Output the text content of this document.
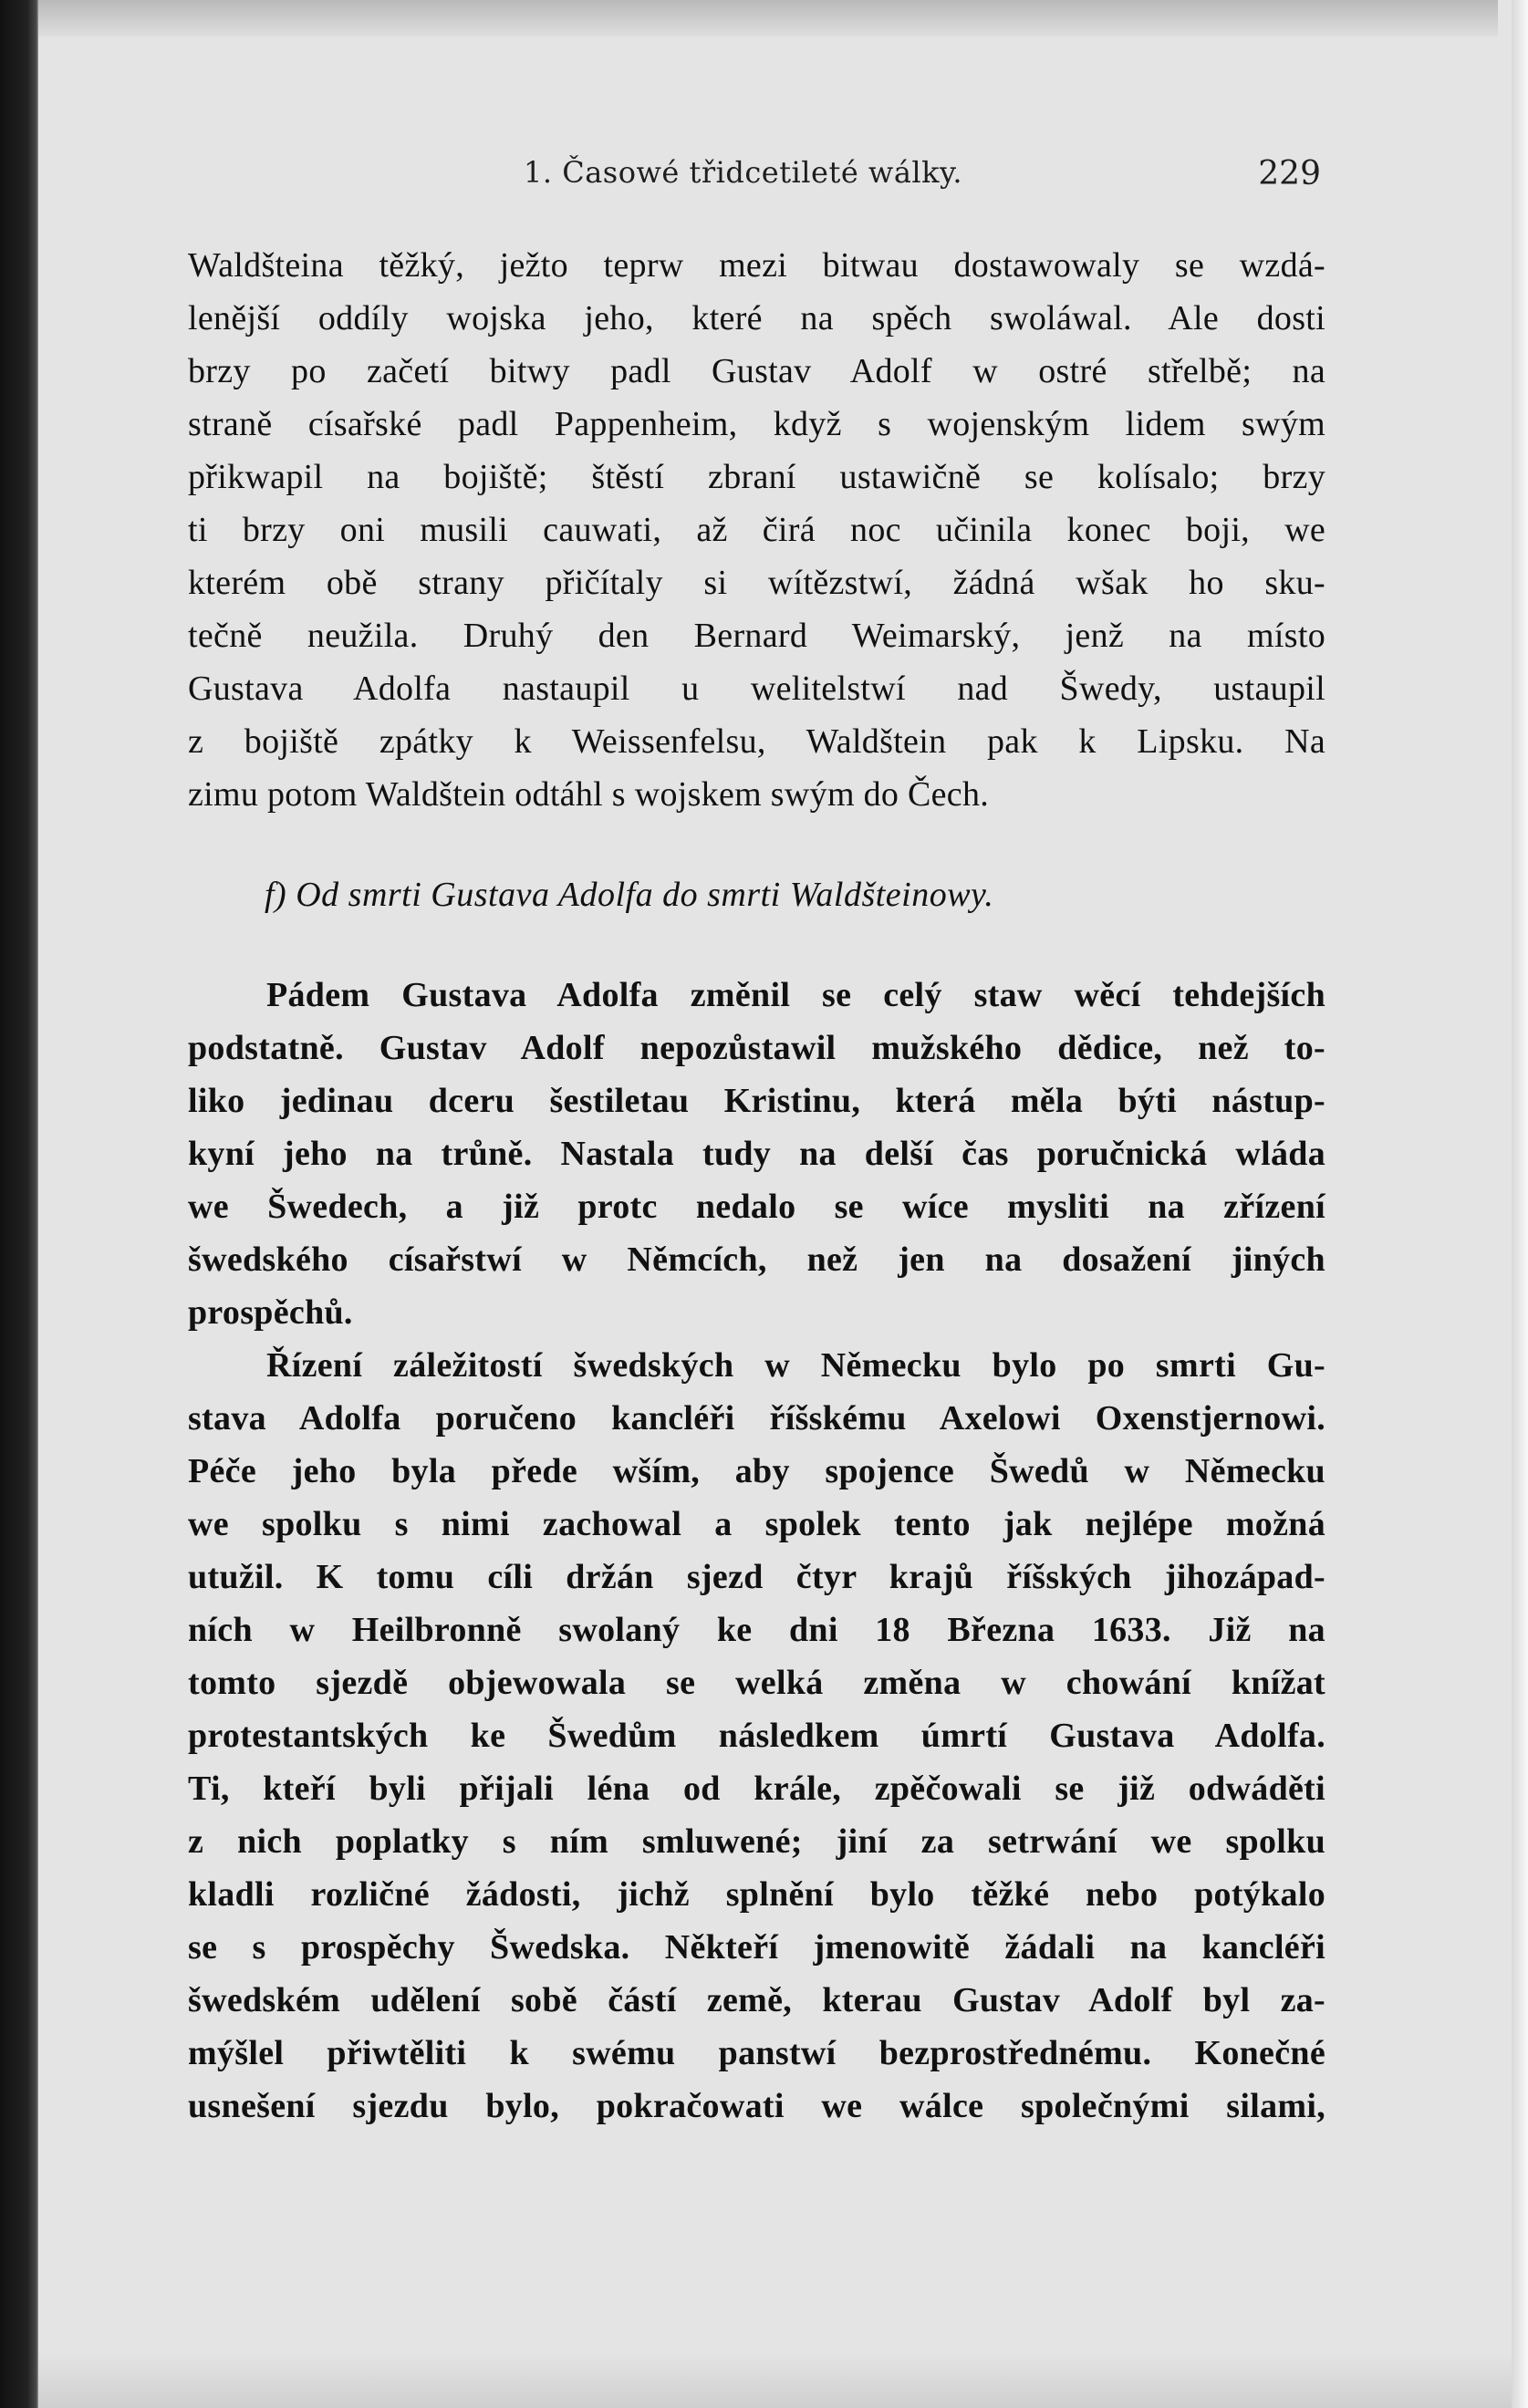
1. Časowé třidcetileté wálky.	229
Waldšteina těžký, ježto teprw mezi bitwau dostawowaly se wzdá-
lenější oddíly wojska jeho, které na spěch swoláwal. Ale dosti
brzy po začetí bitwy padl Gustav Adolf w ostré střelbě; na
straně císařské padl Pappenheim, když s wojenským lidem swým
přikwapil na bojiště; štěstí zbraní ustawičně se kolísalo; brzy
ti brzy oni musili cauwati, až čirá noc učinila konec boji, we
kterém obě strany přičítaly si wítězstwí, žádná wšak ho sku-
tečně neužila. Druhý den Bernard Weimarský, jenž na místo
Gustava Adolfa nastaupil u welitelstwí nad Šwedy, ustaupil
z bojiště zpátky k Weissenfelsu, Waldštein pak k Lipsku. Na
zimu potom Waldštein odtáhl s wojskem swým do Čech.
f) Od smrti Gustava Adolfa do smrti Waldšteinowy.
Pádem Gustava Adolfa změnil se celý staw wěcí tehdejších
podstatně. Gustav Adolf nepozůstawil mužského dědice, než to-
liko jedinau dceru šestiletau Kristinu, která měla býti nástup-
kyní jeho na trůně. Nastala tudy na delší čas poručnická wláda
we Šwedech, a již protc nedalo se wíce mysliti na zřízení
šwedského císařstwí w Němcích, než jen na dosažení jiných
prospěchů.
Řízení záležitostí šwedských w Německu bylo po smrti Gu-
stava Adolfa poručeno kancléři říšskému Axelowi Oxenstjernowi.
Péče jeho byla přede wším, aby spojence Šwedů w Německu
we spolku s nimi zachowal a spolek tento jak nejlépe možná
utužil. K tomu cíli držán sjezd čtyr krajů říšských jihozápad-
ních w Heilbronně swolaný ke dni 18 Března 1633. Již na
tomto sjezdě objewowala se welká změna w chowání knížat
protestantských ke Šwedům následkem úmrtí Gustava Adolfa.
Ti, kteří byli přijali léna od krále, zpěčowali se již odwáděti
z nich poplatky s ním smluwené; jiní za setrwání we spolku
kladli rozličné žádosti, jichž splnění bylo těžké nebo potýkalo
se s prospěchy Šwedska. Někteří jmenowitě žádali na kancléři
šwedském udělení sobě částí země, kterau Gustav Adolf byl za-
mýšlel přiwtěliti k swému panstwí bezprostřednému. Konečné
usnešení sjezdu bylo, pokračowati we wálce společnými silami,
